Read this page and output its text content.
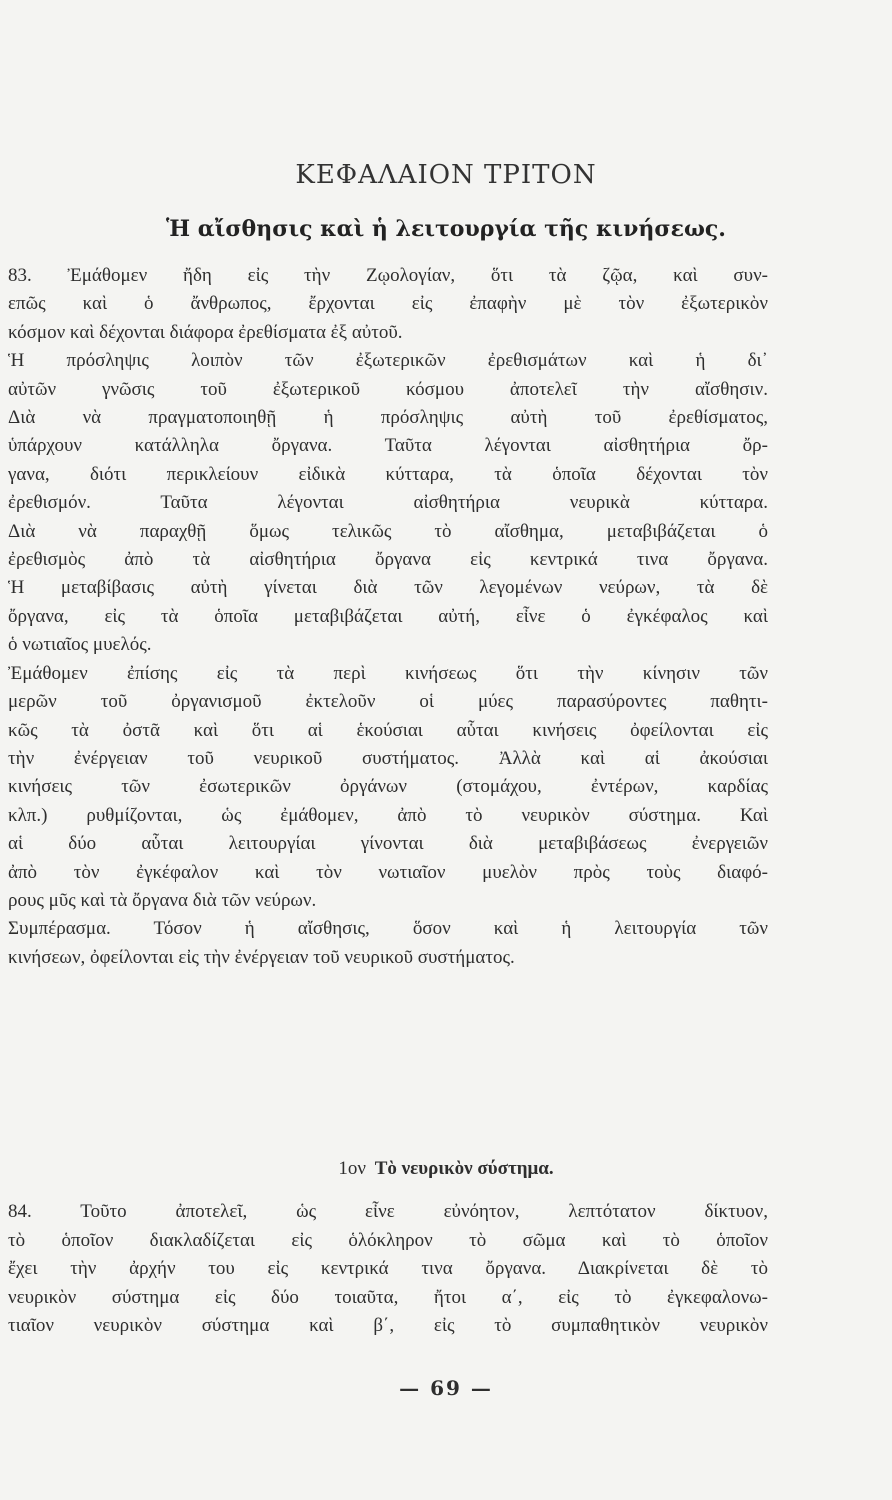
ΚΕΦΑΛΑΙΟΝ ΤΡΙΤΟΝ
Ἡ αἴσθησις καὶ ἡ λειτουργία τῆς κινήσεως.
83. Ἐμάθομεν ἤδη εἰς τὴν Ζῳολογίαν, ὅτι τὰ ζῷα, καὶ συν-
επῶς καὶ ὁ ἄνθρωπος, ἔρχονται εἰς ἐπαφὴν μὲ τὸν ἐξωτερικὸν
κόσμον καὶ δέχονται διάφορα ἐρεθίσματα ἐξ αὐτοῦ.
Ἡ πρόσληψις λοιπὸν τῶν ἐξωτερικῶν ἐρεθισμάτων καὶ ἡ δι᾽
αὐτῶν γνῶσις τοῦ ἐξωτερικοῦ κόσμου ἀποτελεῖ τὴν αἴσθησιν.
Διὰ νὰ πραγματοποιηθῇ ἡ πρόσληψις αὐτὴ τοῦ ἐρεθίσματος,
ὑπάρχουν κατάλληλα ὄργανα. Ταῦτα λέγονται αἰσθητήρια ὄρ-
γανα, διότι περικλείουν εἰδικὰ κύτταρα, τὰ ὁποῖα δέχονται τὸν
ἐρεθισμόν. Ταῦτα λέγονται αἰσθητήρια νευρικὰ κύτταρα.
Διὰ νὰ παραχθῇ ὅμως τελικῶς τὸ αἴσθημα, μεταβιβάζεται ὁ
ἐρεθισμὸς ἀπὸ τὰ αἰσθητήρια ὄργανα εἰς κεντρικά τινα ὄργανα.
Ἡ μεταβίβασις αὐτὴ γίνεται διὰ τῶν λεγομένων νεύρων, τὰ δὲ
ὄργανα, εἰς τὰ ὁποῖα μεταβιβάζεται αὐτή, εἶνε ὁ ἐγκέφαλος καὶ
ὁ νωτιαῖος μυελός.
Ἐμάθομεν ἐπίσης εἰς τὰ περὶ κινήσεως ὅτι τὴν κίνησιν τῶν
μερῶν τοῦ ὀργανισμοῦ ἐκτελοῦν οἱ μύες παρασύροντες παθητι-
κῶς τὰ ὀστᾶ καὶ ὅτι αἱ ἑκούσιαι αὗται κινήσεις ὀφείλονται εἰς
τὴν ἐνέργειαν τοῦ νευρικοῦ συστήματος. Ἀλλὰ καὶ αἱ ἀκούσιαι
κινήσεις τῶν ἐσωτερικῶν ὀργάνων (στομάχου, ἐντέρων, καρδίας
κλπ.) ρυθμίζονται, ὡς ἐμάθομεν, ἀπὸ τὸ νευρικὸν σύστημα. Καὶ
αἱ δύο αὗται λειτουργίαι γίνονται διὰ μεταβιβάσεως ἐνεργειῶν
ἀπὸ τὸν ἐγκέφαλον καὶ τὸν νωτιαῖον μυελὸν πρὸς τοὺς διαφό-
ρους μῦς καὶ τὰ ὄργανα διὰ τῶν νεύρων.
Συμπέρασμα. Τόσον ἡ αἴσθησις, ὅσον καὶ ἡ λειτουργία τῶν
κινήσεων, ὀφείλονται εἰς τὴν ἐνέργειαν τοῦ νευρικοῦ συστήματος.
1ον Τὸ νευρικὸν σύστημα.
84. Τοῦτο ἀποτελεῖ, ὡς εἶνε εὐνόητον, λεπτότατον δίκτυον,
τὸ ὁποῖον διακλαδίζεται εἰς ὁλόκληρον τὸ σῶμα καὶ τὸ ὁποῖον
ἔχει τὴν ἀρχήν του εἰς κεντρικά τινα ὄργανα. Διακρίνεται δὲ τὸ
νευρικὸν σύστημα εἰς δύο τοιαῦτα, ἤτοι α΄, εἰς τὸ ἐγκεφαλονω-
τιαῖον νευρικὸν σύστημα καὶ β΄, εἰς τὸ συμπαθητικὸν νευρικὸν
— 69 —
